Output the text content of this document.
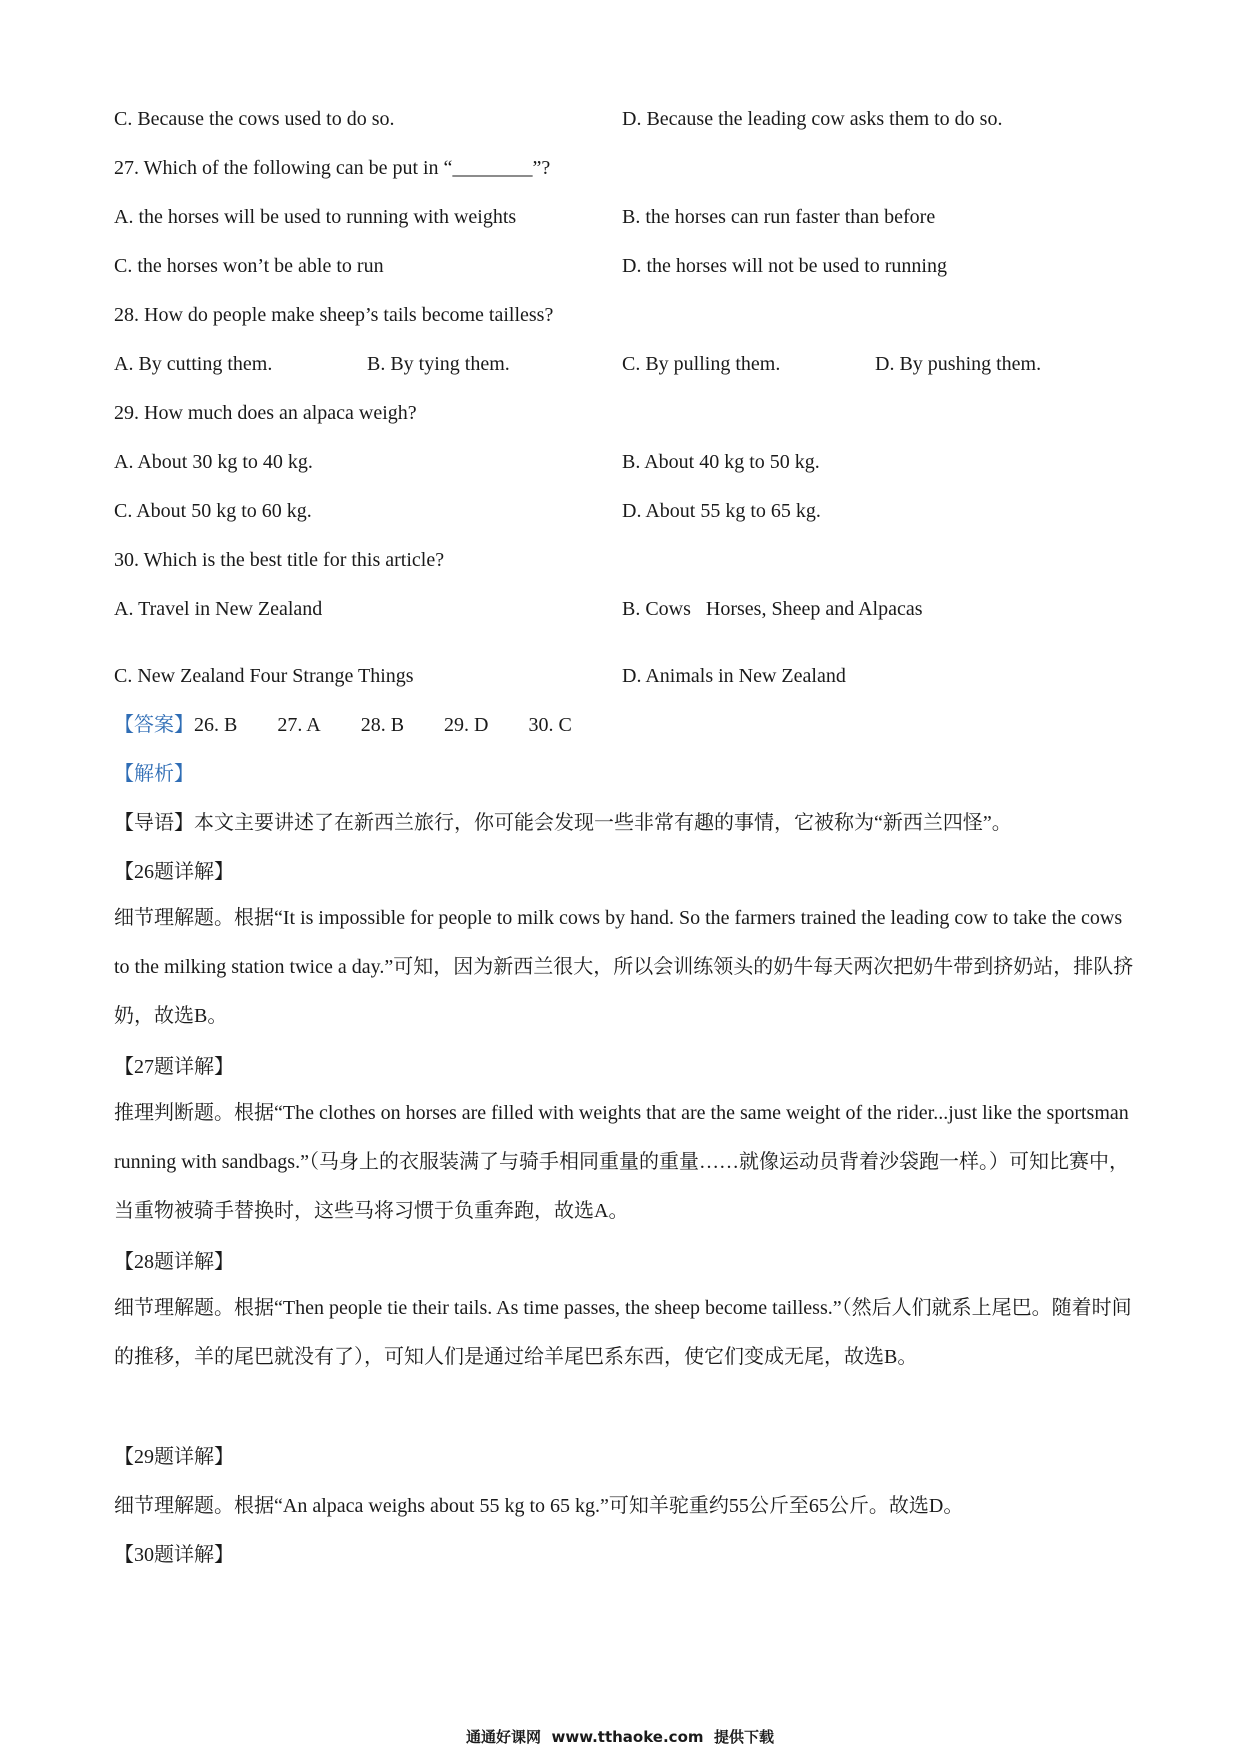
C. Because the cows used to do so.	D. Because the leading cow asks them to do so.
27. Which of the following can be put in “________”?
A. the horses will be used to running with weights	B. the horses can run faster than before
C. the horses won’t be able to run	D. the horses will not be used to running
28. How do people make sheep’s tails become tailless?
A. By cutting them.	B. By tying them.	C. By pulling them.	D. By pushing them.
29. How much does an alpaca weigh?
A. About 30 kg to 40 kg.	B. About 40 kg to 50 kg.
C. About 50 kg to 60 kg.	D. About 55 kg to 65 kg.
30. Which is the best title for this article?
A. Travel in New Zealand	B. Cows   Horses, Sheep and Alpacas
C. New Zealand Four Strange Things	D. Animals in New Zealand
【答案】26. B 27. A 28. B 29. D 30. C
【解析】
【导语】本文主要讲述了在新西兰旅行，你可能会发现一些非常有趣的事情，它被称为“新西兰四怪”。
【26题详解】
细节理解题。根据“It is impossible for people to milk cows by hand. So the farmers trained the leading cow to take the cows to the milking station twice a day.”可知，因为新西兰很大，所以会训练领头的奶牛每天两次把奶牛带到挤奶站，排队挤奶，故选B。
【27题详解】
推理判断题。根据“The clothes on horses are filled with weights that are the same weight of the rider...just like the sportsman running with sandbags.”（马身上的衣服装满了与骑手相同重量的重量……就像运动员背着沙袋跑一样。）可知比赛中，当重物被骑手替换时，这些马将习惯于负重奔跑，故选A。
【28题详解】
细节理解题。根据“Then people tie their tails. As time passes, the sheep become tailless.”（然后人们就系上尾巴。随着时间的推移，羊的尾巴就没有了），可知人们是通过给羊尾巴系东西，使它们变成无尾，故选B。
【29题详解】
细节理解题。根据“An alpaca weighs about 55 kg to 65 kg.”可知羊驼重约55公斤至65公斤。故选D。
【30题详解】
通通好课网  www.tthaoke.com  提供下载
